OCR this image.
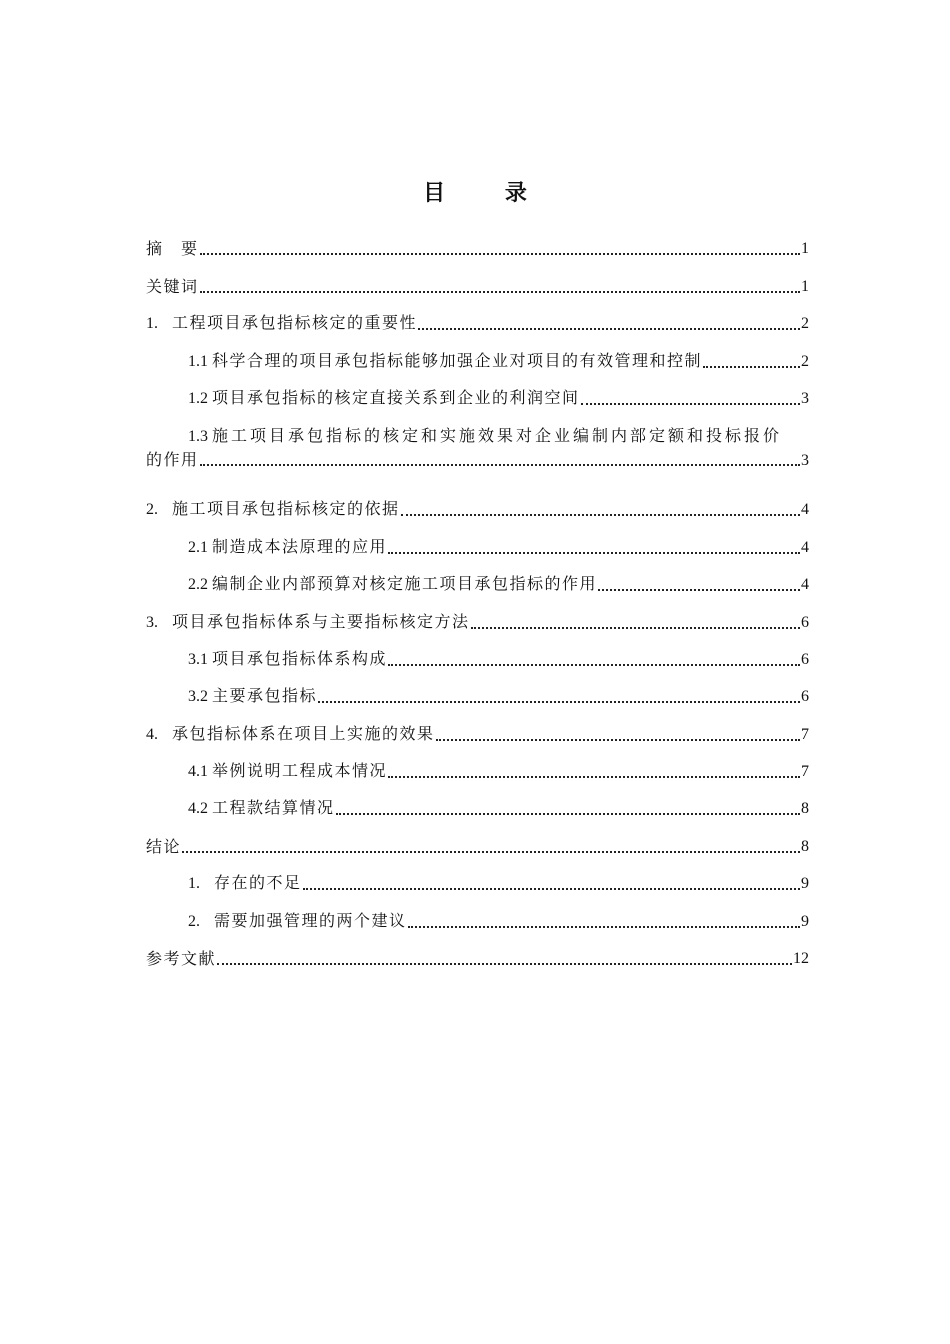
目 录
摘　要	1
关键词	1
1. 工程项目承包指标核定的重要性	2
1.1 科学合理的项目承包指标能够加强企业对项目的有效管理和控制	2
1.2 项目承包指标的核定直接关系到企业的利润空间	3
1.3 施工项目承包指标的核定和实施效果对企业编制内部定额和投标报价
的作用	3
2. 施工项目承包指标核定的依据	4
2.1 制造成本法原理的应用	4
2.2 编制企业内部预算对核定施工项目承包指标的作用	4
3. 项目承包指标体系与主要指标核定方法	6
3.1 项目承包指标体系构成	6
3.2 主要承包指标	6
4. 承包指标体系在项目上实施的效果	7
4.1 举例说明工程成本情况	7
4.2 工程款结算情况	8
结论	8
1. 存在的不足	9
2. 需要加强管理的两个建议	9
参考文献	12
